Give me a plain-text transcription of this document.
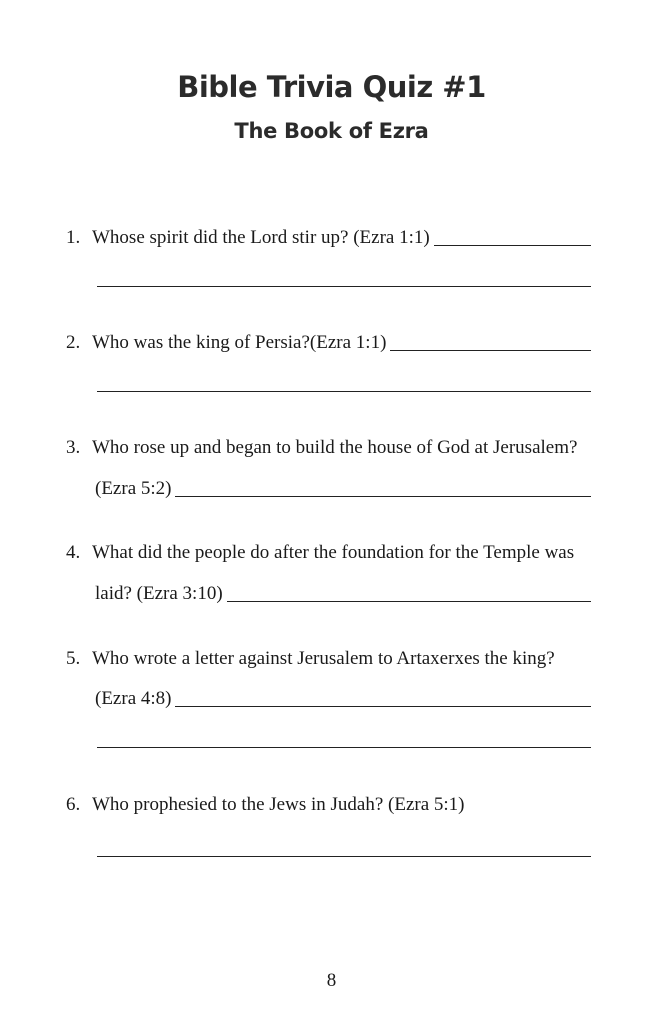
Bible Trivia Quiz #1
The Book of Ezra
1. Whose spirit did the Lord stir up? (Ezra 1:1)
2. Who was the king of Persia?(Ezra 1:1)
3. Who rose up and began to build the house of God at Jerusalem?
(Ezra 5:2)
4. What did the people do after the foundation for the Temple was
laid? (Ezra 3:10)
5. Who wrote a letter against Jerusalem to Artaxerxes the king?
(Ezra 4:8)
6. Who prophesied to the Jews in Judah? (Ezra 5:1)
8
